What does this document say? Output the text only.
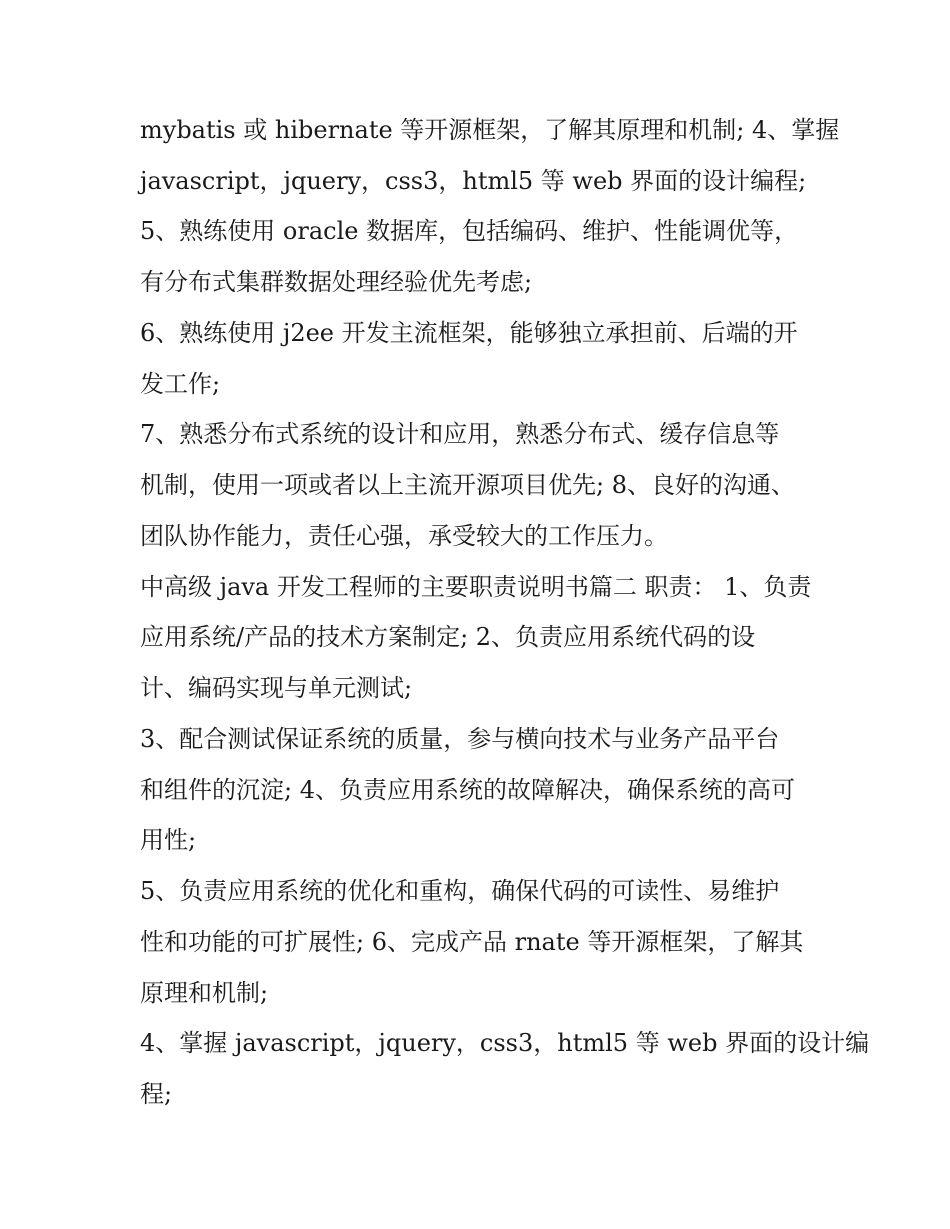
mybatis 或 hibernate 等开源框架，了解其原理和机制; 4、掌握
javascript，jquery，css3，html5 等 web 界面的设计编程;
5、熟练使用 oracle 数据库，包括编码、维护、性能调优等，
有分布式集群数据处理经验优先考虑;
6、熟练使用 j2ee 开发主流框架，能够独立承担前、后端的开
发工作;
7、熟悉分布式系统的设计和应用，熟悉分布式、缓存信息等
机制，使用一项或者以上主流开源项目优先; 8、良好的沟通、
团队协作能力，责任心强，承受较大的工作压力。
中高级 java 开发工程师的主要职责说明书篇二 职责： 1、负责
应用系统/产品的技术方案制定; 2、负责应用系统代码的设
计、编码实现与单元测试;
3、配合测试保证系统的质量，参与横向技术与业务产品平台
和组件的沉淀; 4、负责应用系统的故障解决，确保系统的高可
用性;
5、负责应用系统的优化和重构，确保代码的可读性、易维护
性和功能的可扩展性; 6、完成产品 rnate 等开源框架，了解其
原理和机制;
4、掌握 javascript，jquery，css3，html5 等 web 界面的设计编
程;
